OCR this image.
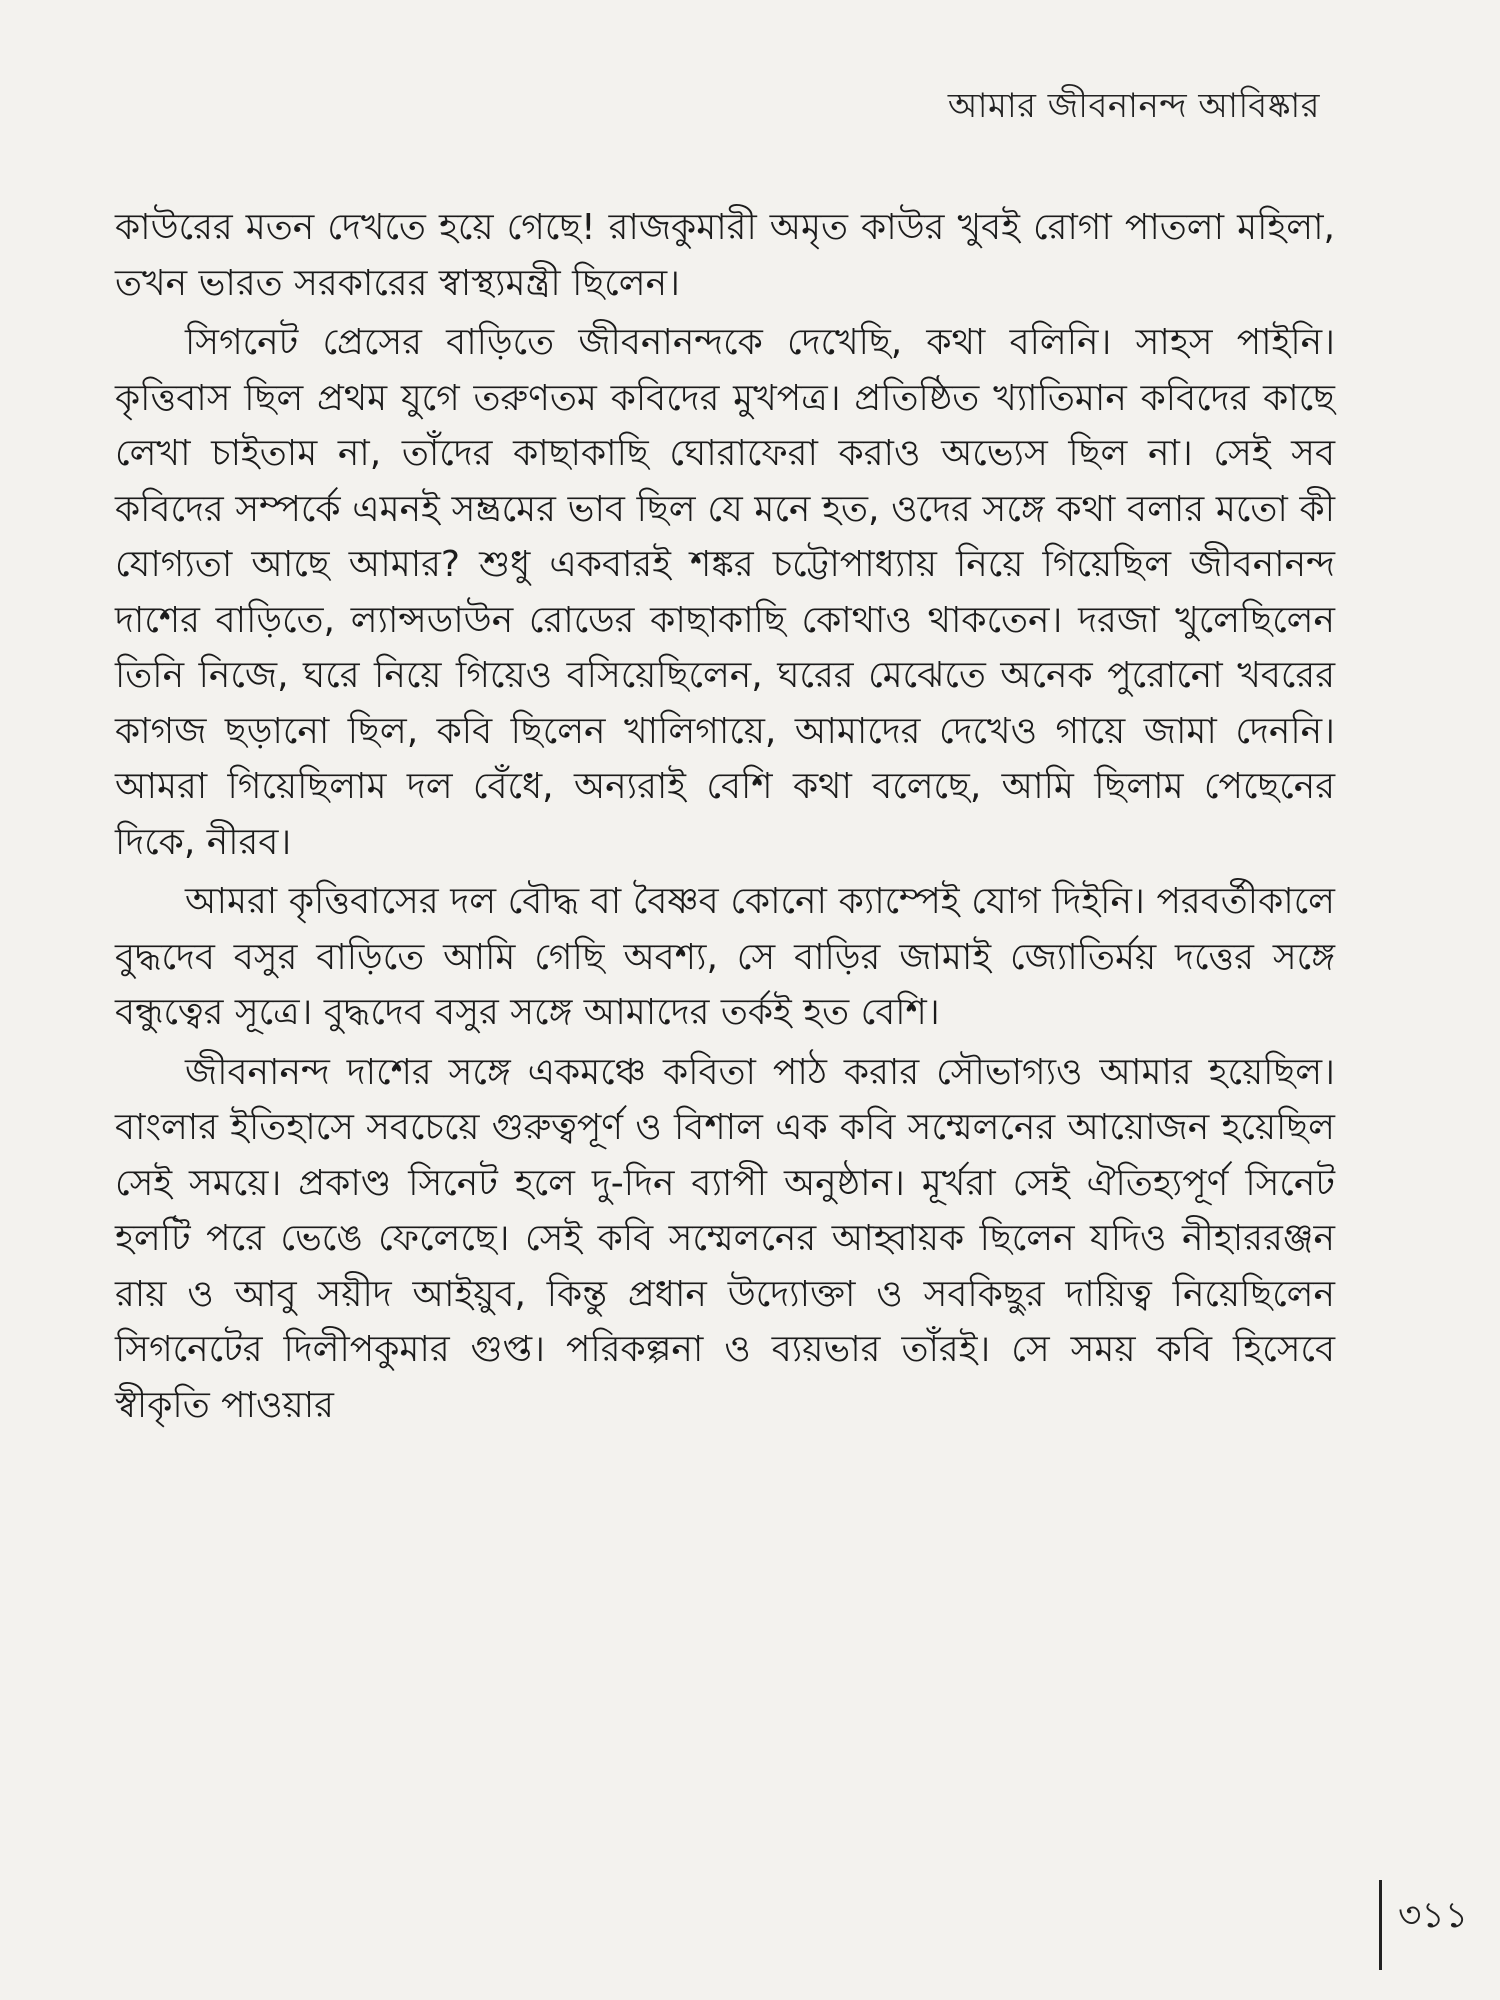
আমার জীবনানন্দ আবিষ্কার

কাউরের মতন দেখতে হয়ে গেছে! রাজকুমারী অমৃত কাউর খুবই রোগা পাতলা মহিলা, তখন ভারত সরকারের স্বাস্থ্যমন্ত্রী ছিলেন।

সিগনেট প্রেসের বাড়িতে জীবনানন্দকে দেখেছি, কথা বলিনি। সাহস পাইনি। কৃত্তিবাস ছিল প্রথম যুগে তরুণতম কবিদের মুখপত্র। প্রতিষ্ঠিত খ্যাতিমান কবিদের কাছে লেখা চাইতাম না, তাঁদের কাছাকাছি ঘোরাফেরা করাও অভ্যেস ছিল না। সেই সব কবিদের সম্পর্কে এমনই সম্ভ্রমের ভাব ছিল যে মনে হত, ওদের সঙ্গে কথা বলার মতো কী যোগ্যতা আছে আমার? শুধু একবারই শঙ্কর চট্টোপাধ্যায় নিয়ে গিয়েছিল জীবনানন্দ দাশের বাড়িতে, ল্যান্সডাউন রোডের কাছাকাছি কোথাও থাকতেন। দরজা খুলেছিলেন তিনি নিজে, ঘরে নিয়ে গিয়েও বসিয়েছিলেন, ঘরের মেঝেতে অনেক পুরোনো খবরের কাগজ ছড়ানো ছিল, কবি ছিলেন খালিগায়ে, আমাদের দেখেও গায়ে জামা দেননি। আমরা গিয়েছিলাম দল বেঁধে, অন্যরাই বেশি কথা বলেছে, আমি ছিলাম পেছেনের দিকে, নীরব।

আমরা কৃত্তিবাসের দল বৌদ্ধ বা বৈষ্ণব কোনো ক্যাম্পেই যোগ দিইনি। পরবর্তীকালে বুদ্ধদেব বসুর বাড়িতে আমি গেছি অবশ্য, সে বাড়ির জামাই জ্যোতির্ময় দত্তের সঙ্গে বন্ধুত্বের সূত্রে। বুদ্ধদেব বসুর সঙ্গে আমাদের তর্কই হত বেশি।

জীবনানন্দ দাশের সঙ্গে একমঞ্চে কবিতা পাঠ করার সৌভাগ্যও আমার হয়েছিল। বাংলার ইতিহাসে সবচেয়ে গুরুত্বপূর্ণ ও বিশাল এক কবি সম্মেলনের আয়োজন হয়েছিল সেই সময়ে। প্রকাণ্ড সিনেট হলে দু-দিন ব্যাপী অনুষ্ঠান। মূর্খরা সেই ঐতিহ্যপূর্ণ সিনেট হলটি পরে ভেঙে ফেলেছে। সেই কবি সম্মেলনের আহ্বায়ক ছিলেন যদিও নীহাররঞ্জন রায় ও আবু সয়ীদ আইয়ুব, কিন্তু প্রধান উদ্যোক্তা ও সবকিছুর দায়িত্ব নিয়েছিলেন সিগনেটের দিলীপকুমার গুপ্ত। পরিকল্পনা ও ব্যয়ভার তাঁরই। সে সময় কবি হিসেবে স্বীকৃতি পাওয়ার

৩১১
